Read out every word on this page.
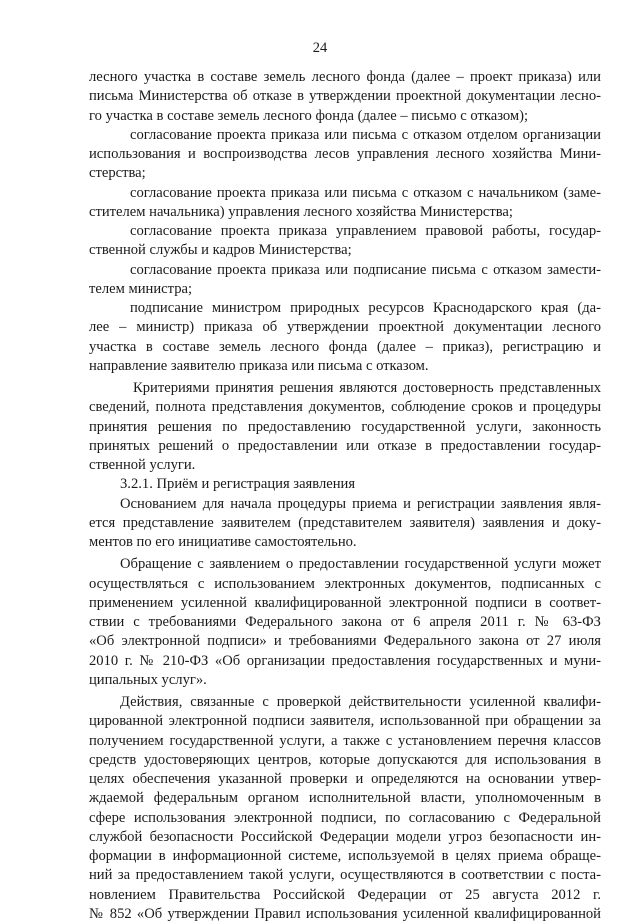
24
лесного участка в составе земель лесного фонда (далее – проект приказа) или
письма Министерства об отказе в утверждении проектной документации лесно-
го участка в составе земель лесного фонда (далее – письмо с отказом);
согласование проекта приказа или письма с отказом отделом организации
использования и воспроизводства лесов управления лесного хозяйства Мини-
стерства;
согласование проекта приказа или письма с отказом с начальником (заме-
стителем начальника) управления лесного хозяйства Министерства;
согласование проекта приказа управлением правовой работы, государ-
ственной службы и кадров Министерства;
согласование проекта приказа или подписание письма с отказом замести-
телем министра;
подписание министром природных ресурсов Краснодарского края (да-
лее – министр) приказа об утверждении проектной документации лесного
участка в составе земель лесного фонда (далее – приказ), регистрацию и
направление заявителю приказа или письма с отказом.
Критериями принятия решения являются достоверность представленных
сведений, полнота представления документов, соблюдение сроков и процедуры
принятия решения по предоставлению государственной услуги, законность
принятых решений о предоставлении или отказе в предоставлении государ-
ственной услуги.
3.2.1. Приём и регистрация заявления
Основанием для начала процедуры приема и регистрации заявления явля-
ется представление заявителем (представителем заявителя) заявления и доку-
ментов по его инициативе самостоятельно.
Обращение с заявлением о предоставлении государственной услуги может
осуществляться с использованием электронных документов, подписанных с
применением усиленной квалифицированной электронной подписи в соответ-
ствии с требованиями Федерального закона от 6 апреля 2011 г. № 63-ФЗ
«Об электронной подписи» и требованиями Федерального закона от 27 июля
2010 г. № 210-ФЗ «Об организации предоставления государственных и муни-
ципальных услуг».
Действия, связанные с проверкой действительности усиленной квалифи-
цированной электронной подписи заявителя, использованной при обращении за
получением государственной услуги, а также с установлением перечня классов
средств удостоверяющих центров, которые допускаются для использования в
целях обеспечения указанной проверки и определяются на основании утвер-
ждаемой федеральным органом исполнительной власти, уполномоченным в
сфере использования электронной подписи, по согласованию с Федеральной
службой безопасности Российской Федерации модели угроз безопасности ин-
формации в информационной системе, используемой в целях приема обраще-
ний за предоставлением такой услуги, осуществляются в соответствии с поста-
новлением Правительства Российской Федерации от 25 августа 2012 г.
№ 852 «Об утверждении Правил использования усиленной квалифицированной
